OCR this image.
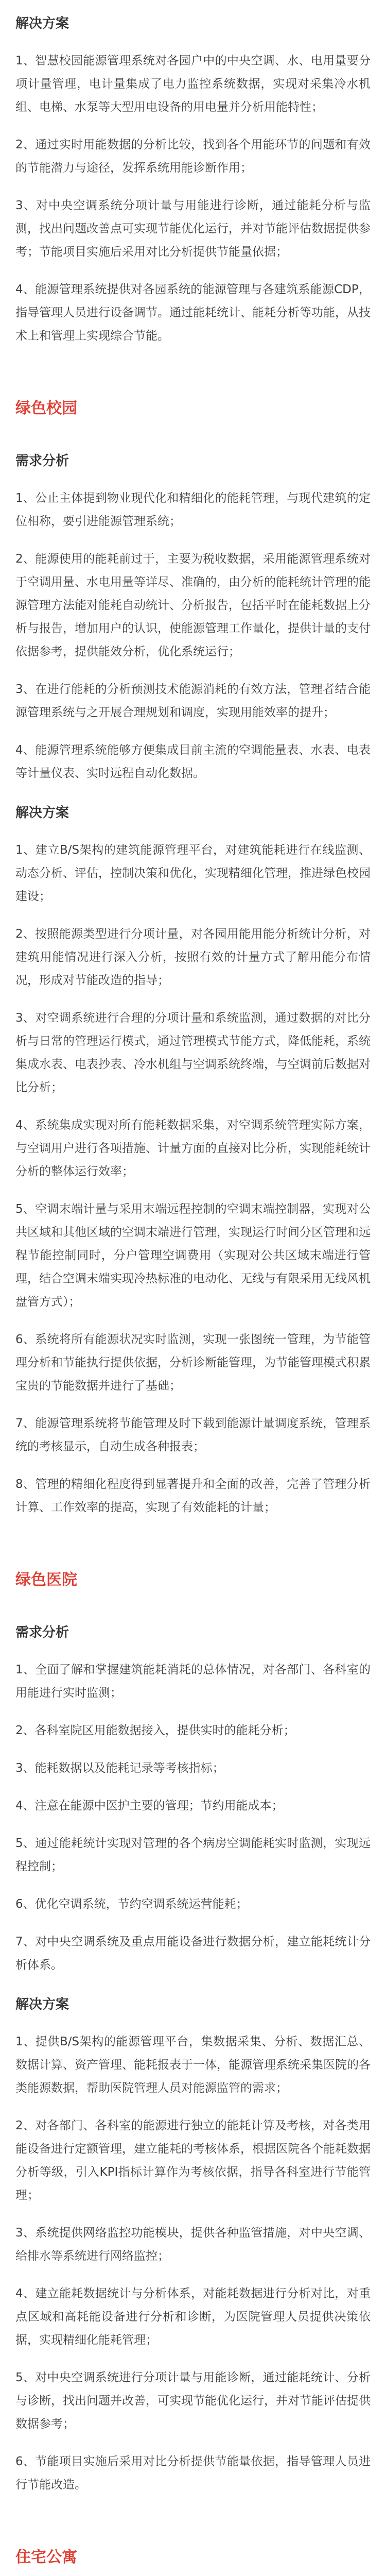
解决方案

1、智慧校园能源管理系统对各园户中的中央空调、水、电用量要分项计量管理，电计量集成了电力监控系统数据，实现对采集冷水机组、电梯、水泵等大型用电设备的用电量并分析用能特性；

2、通过实时用能数据的分析比较，找到各个用能环节的问题和有效的节能潜力与途径，发挥系统用能诊断作用；

3、对中央空调系统分项计量与用能进行诊断，通过能耗分析与监测，找出问题改善点可实现节能优化运行，并对节能评估数据提供参考；节能项目实施后采用对比分析提供节能量依据；

4、能源管理系统提供对各园系统的能源管理与各建筑系能源CDP，指导管理人员进行设备调节。通过能耗统计、能耗分析等功能，从技术上和管理上实现综合节能。

绿色校园
需求分析

1、公止主体提到物业现代化和精细化的能耗管理，与现代建筑的定位相称，要引进能源管理系统；

2、能源使用的能耗前过于，主要为税收数据，采用能源管理系统对于空调用量、水电用量等详尽、准确的，由分析的能耗统计管理的能源管理方法能对能耗自动统计、分析报告，包括平时在能耗数据上分析与报告，增加用户的认识，使能源管理工作量化，提供计量的支付依据参考，提供能效分析，优化系统运行；

3、在进行能耗的分析预测技术能源消耗的有效方法，管理者结合能源管理系统与之开展合理规划和调度，实现用能效率的提升；

4、能源管理系统能够方便集成目前主流的空调能量表、水表、电表等计量仪表、实时远程自动化数据。

解决方案

1、建立B/S架构的建筑能源管理平台，对建筑能耗进行在线监测、动态分析、评估，控制决策和优化，实现精细化管理，推进绿色校园建设；

2、按照能源类型进行分项计量，对各园用能用能分析统计分析，对建筑用能情况进行深入分析，按照有效的计量方式了解用能分布情况，形成对节能改造的指导；

3、对空调系统进行合理的分项计量和系统监测，通过数据的对比分析与日常的管理运行模式，通过管理模式节能方式，降低能耗，系统集成水表、电表抄表、冷水机组与空调系统终端，与空调前后数据对比分析；

4、系统集成实现对所有能耗数据采集，对空调系统管理实际方案，与空调用户进行各项措施、计量方面的直接对比分析，实现能耗统计分析的整体运行效率；

5、空调末端计量与采用末端远程控制的空调末端控制器，实现对公共区域和其他区域的空调末端进行管理，实现运行时间分区管理和远程节能控制同时，分户管理空调费用（实现对公共区域末端进行管理，结合空调末端实现冷热标准的电动化、无线与有限采用无线风机盘管方式）；

6、系统将所有能源状况实时监测，实现一张图统一管理，为节能管理分析和节能执行提供依据，分析诊断能管理，为节能管理模式积累宝贵的节能数据并进行了基础；

7、能源管理系统将节能管理及时下载到能源计量调度系统，管理系统的考核显示，自动生成各种报表；

8、管理的精细化程度得到显著提升和全面的改善，完善了管理分析计算、工作效率的提高，实现了有效能耗的计量；

绿色医院
需求分析

1、全面了解和掌握建筑能耗消耗的总体情况，对各部门、各科室的用能进行实时监测；

2、各科室院区用能数据接入，提供实时的能耗分析；

3、能耗数据以及能耗记录等考核指标；

4、注意在能源中医护主要的管理；节约用能成本；

5、通过能耗统计实现对管理的各个病房空调能耗实时监测，实现远程控制；

6、优化空调系统，节约空调系统运营能耗；

7、对中央空调系统及重点用能设备进行数据分析，建立能耗统计分析体系。

解决方案

1、提供B/S架构的能源管理平台，集数据采集、分析、数据汇总、数据计算、资产管理、能耗报表于一体，能源管理系统采集医院的各类能源数据，帮助医院管理人员对能源监管的需求；

2、对各部门、各科室的能源进行独立的能耗计算及考核，对各类用能设备进行定额管理，建立能耗的考核体系，根据医院各个能耗数据分析等级，引入KPI指标计算作为考核依据，指导各科室进行节能管理；

3、系统提供网络监控功能模块，提供各种监管措施，对中央空调、给排水等系统进行网络监控；

4、建立能耗数据统计与分析体系，对能耗数据进行分析对比，对重点区域和高耗能设备进行分析和诊断，为医院管理人员提供决策依据，实现精细化能耗管理；

5、对中央空调系统进行分项计量与用能诊断，通过能耗统计、分析与诊断，找出问题并改善，可实现节能优化运行，并对节能评估提供数据参考；

6、节能项目实施后采用对比分析提供节能量依据，指导管理人员进行节能改造。

住宅公寓
